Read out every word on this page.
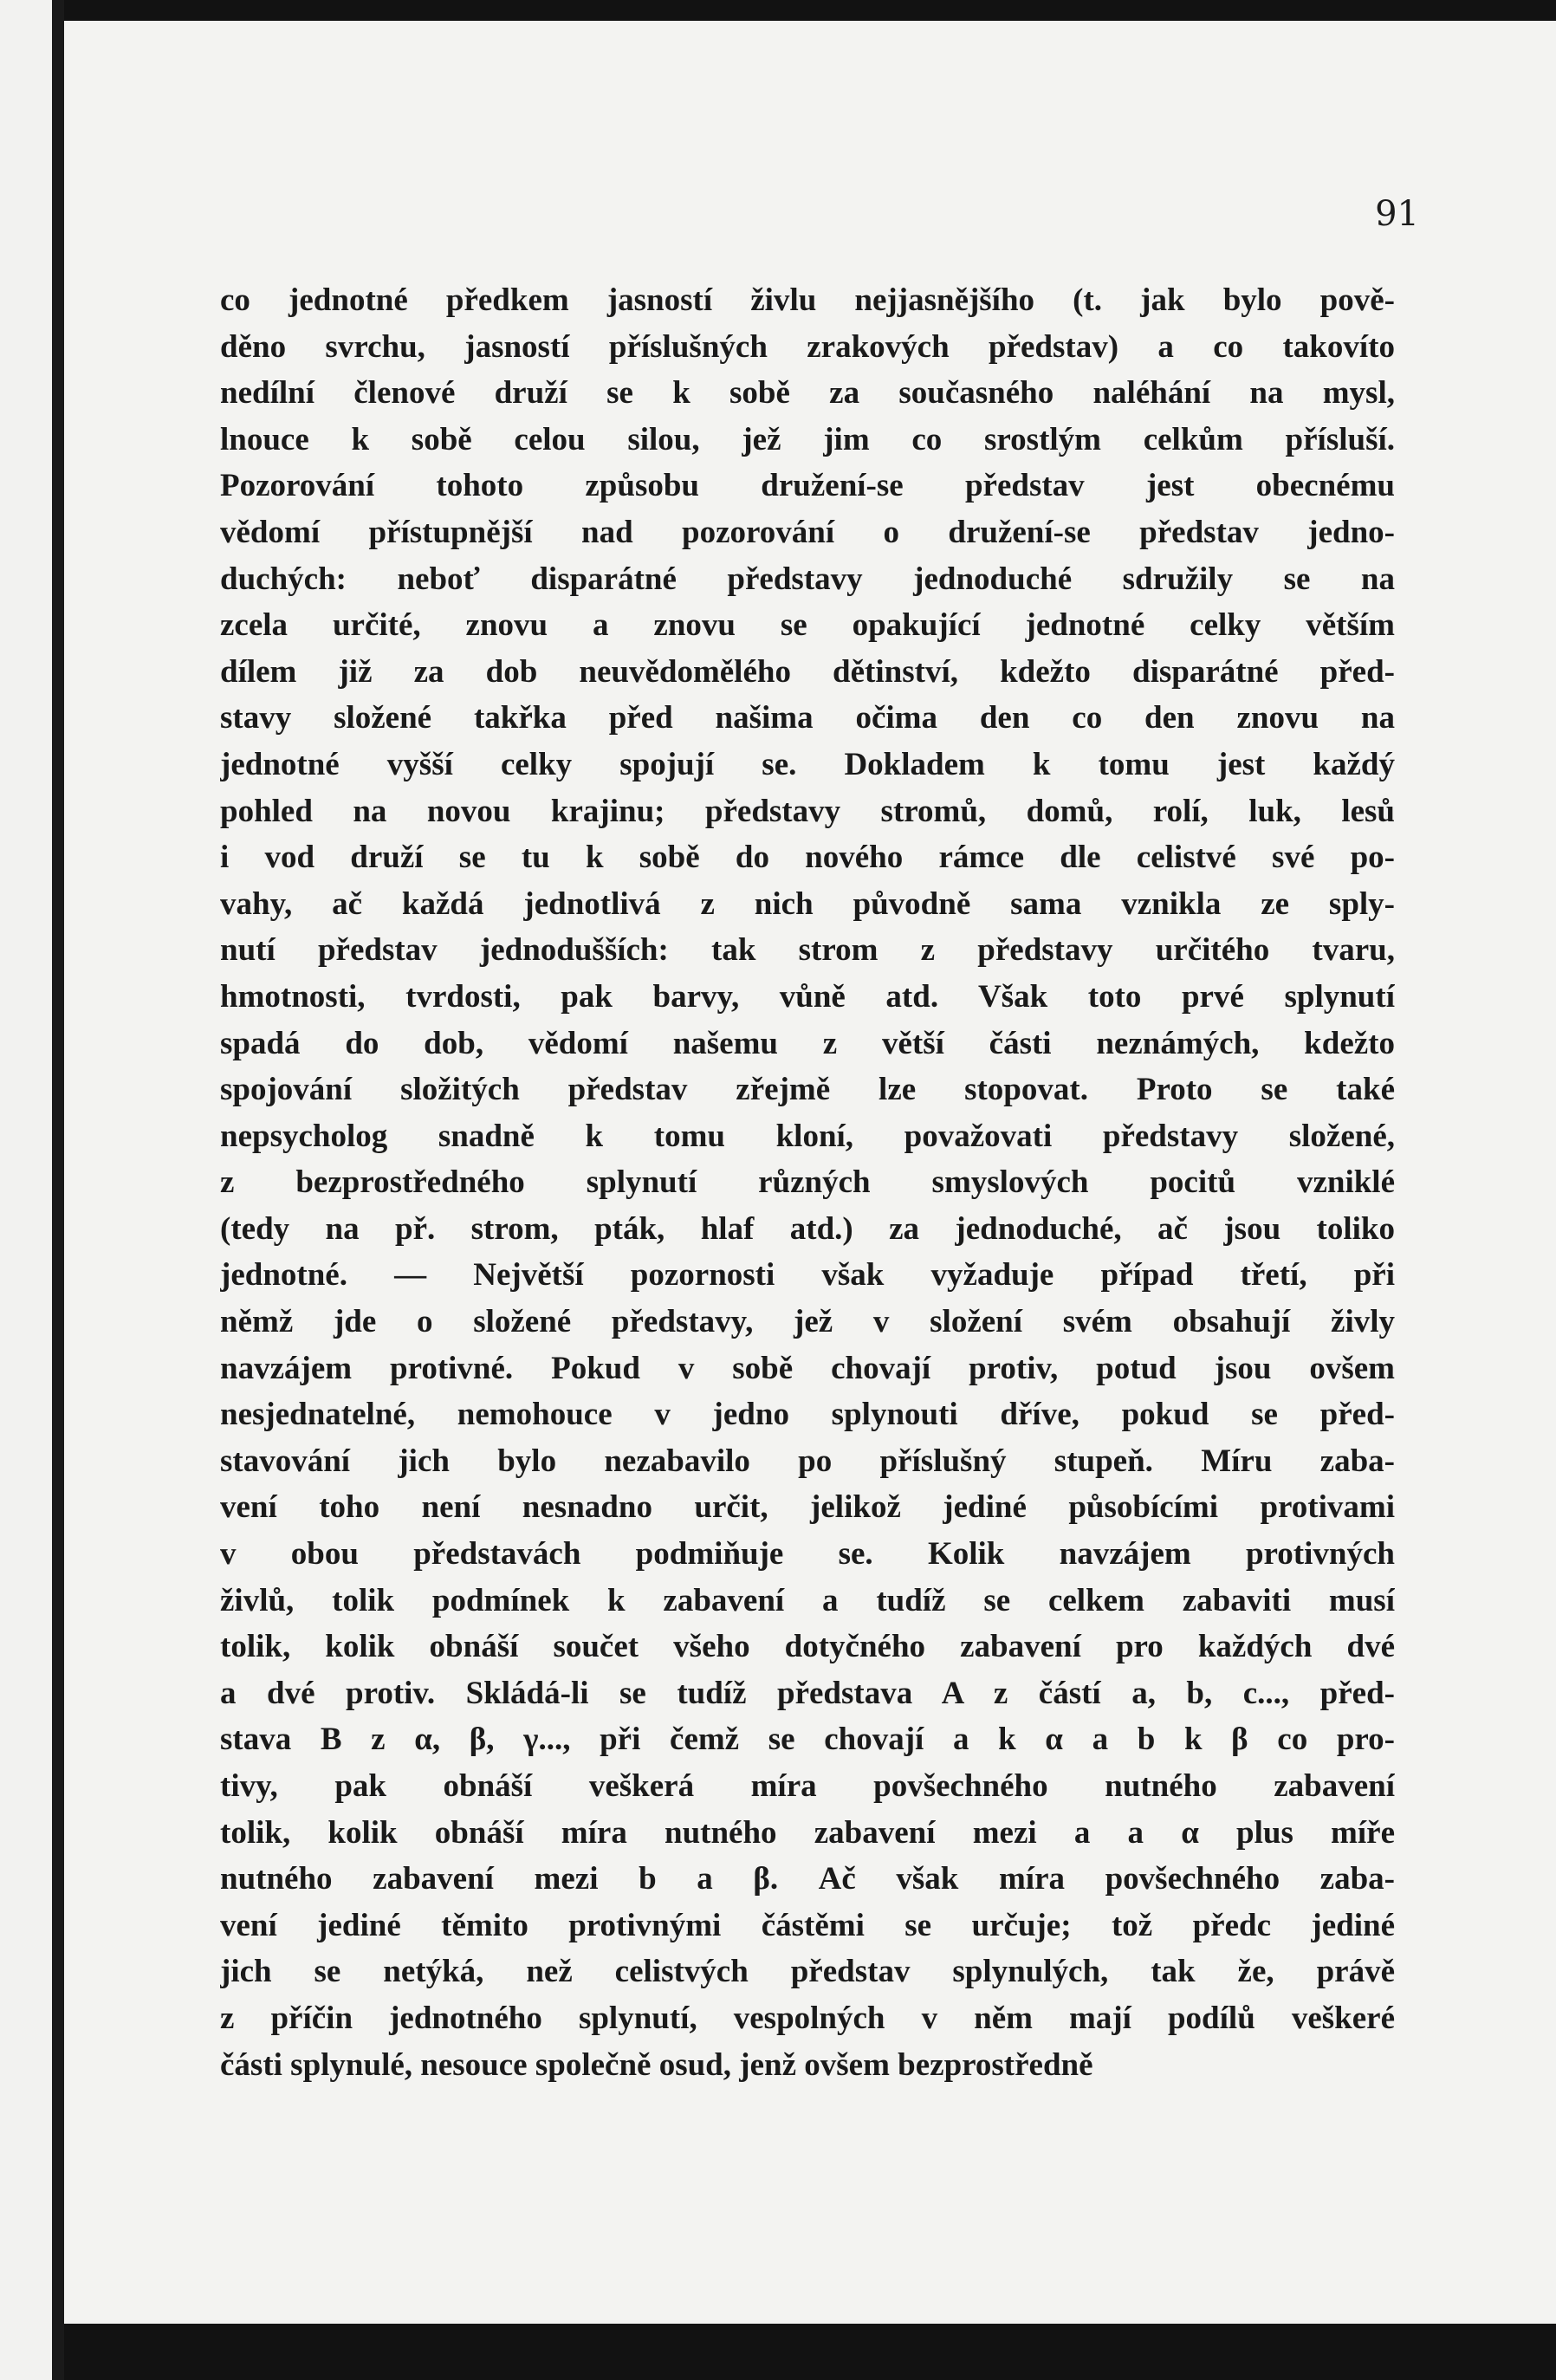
91
co jednotné předkem jasností živlu nejjasnějšího (t. jak bylo pově-
děno svrchu, jasností příslušných zrakových představ) a co takovíto
nedílní členové druží se k sobě za současného naléhání na mysl,
lnouce k sobě celou silou, jež jim co srostlým celkům přísluší.
Pozorování tohoto způsobu družení-se představ jest obecnému
vědomí přístupnější nad pozorování o družení-se představ jedno-
duchých: neboť disparátné představy jednoduché sdružily se na
zcela určité, znovu a znovu se opakující jednotné celky větším
dílem již za dob neuvědomělého dětinství, kdežto disparátné před-
stavy složené takřka před našima očima den co den znovu na
jednotné vyšší celky spojují se. Dokladem k tomu jest každý
pohled na novou krajinu; představy stromů, domů, rolí, luk, lesů
i vod druží se tu k sobě do nového rámce dle celistvé své po-
vahy, ač každá jednotlivá z nich původně sama vznikla ze sply-
nutí představ jednodušších: tak strom z představy určitého tvaru,
hmotnosti, tvrdosti, pak barvy, vůně atd. Však toto prvé splynutí
spadá do dob, vědomí našemu z větší části neznámých, kdežto
spojování složitých představ zřejmě lze stopovat. Proto se také
nepsycholog snadně k tomu kloní, považovati představy složené,
z bezprostředného splynutí různých smyslových pocitů vzniklé
(tedy na př. strom, pták, hlaf atd.) za jednoduché, ač jsou toliko
jednotné. — Největší pozornosti však vyžaduje případ třetí, při
němž jde o složené představy, jež v složení svém obsahují živly
navzájem protivné. Pokud v sobě chovají protiv, potud jsou ovšem
nesjednatelné, nemohouce v jedno splynouti dříve, pokud se před-
stavování jich bylo nezabavilo po příslušný stupeň. Míru zaba-
vení toho není nesnadno určit, jelikož jediné působícími protivami
v obou představách podmiňuje se. Kolik navzájem protivných
živlů, tolik podmínek k zabavení a tudíž se celkem zabaviti musí
tolik, kolik obnáší součet všeho dotyčného zabavení pro každých dvé
a dvé protiv. Skládá-li se tudíž představa A z částí a, b, c..., před-
stava B z α, β, γ..., při čemž se chovají a k α a b k β co pro-
tivy, pak obnáší veškerá míra povšechného nutného zabavení
tolik, kolik obnáší míra nutného zabavení mezi a a α plus míře
nutného zabavení mezi b a β. Ač však míra povšechného zaba-
vení jediné těmito protivnými částěmi se určuje; tož předc jediné
jich se netýká, než celistvých představ splynulých, tak že, právě
z příčin jednotného splynutí, vespolných v něm mají podílů veškeré
části splynulé, nesouce společně osud, jenž ovšem bezprostředně
